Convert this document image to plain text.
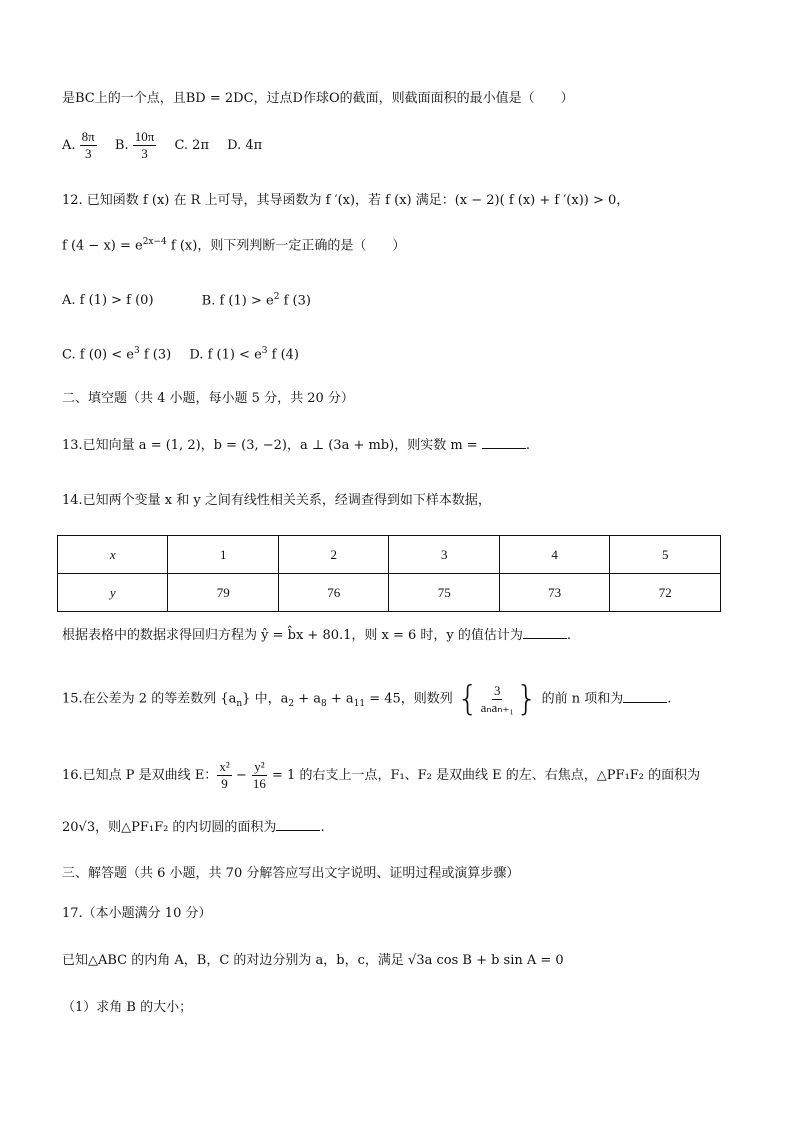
是BC上的一个点，且BD = 2DC，过点D作球O的截面，则截面面积的最小值是（　　）
A. $\frac{8\pi}{3} B$. $\frac{10\pi}{3} C$. 2π D. 4π
12. 已知函数 f (x) 在 R 上可导，其导函数为 f ′(x)，若 f (x) 满足：(x − 2)( f (x) + f ′(x)) > 0，
f $(4 - x) = e^{2x-4}$ f (x)，则下列判断一定正确的是（　　）
A. f (1) > f (0)	B. f $(1) > e^2$ f (3)
C. f $(0) < e^3$ f (3) D. f $(1) < e^3$ f (4)
二、填空题（共 4 小题，每小题 5 分，共 20 分）
13.已知向量 a = (1, 2)，b = (3, −2)，a ⊥ (3a + mb)，则实数 m =	.
14.已知两个变量 x 和 y 之间有线性相关关系，经调查得到如下样本数据，
x	1	2	3	4	5
y	79	76	75	73	72
根据表格中的数据求得回归方程为 ŷ = b̂x + 80.1，则 x = 6 时，y 的值估计为	.
15.在公差为 2 的等差数列 $\{a_n\}$ 中，$a_2 + a_8 + a_{11} = 45$，则数列 { $\frac{3}{\text{aₙaₙ₊₁}}$ } 的前 n 项和为	.
16.已知点 P 是双曲线 E： $\frac{\text{x²}}{9} - \frac{\text{y²}}{16} = 1$ 的右支上一点，F₁、F₂ 是双曲线 E 的左、右焦点，△PF₁F₂ 的面积为
20√3，则△PF₁F₂ 的内切圆的面积为	.
三、解答题（共 6 小题，共 70 分解答应写出文字说明、证明过程或演算步骤）
17.（本小题满分 10 分）
已知△ABC 的内角 A，B，C 的对边分别为 a，b，c，满足 √3a cos B + b sin A = 0
（1）求角 B 的大小；
